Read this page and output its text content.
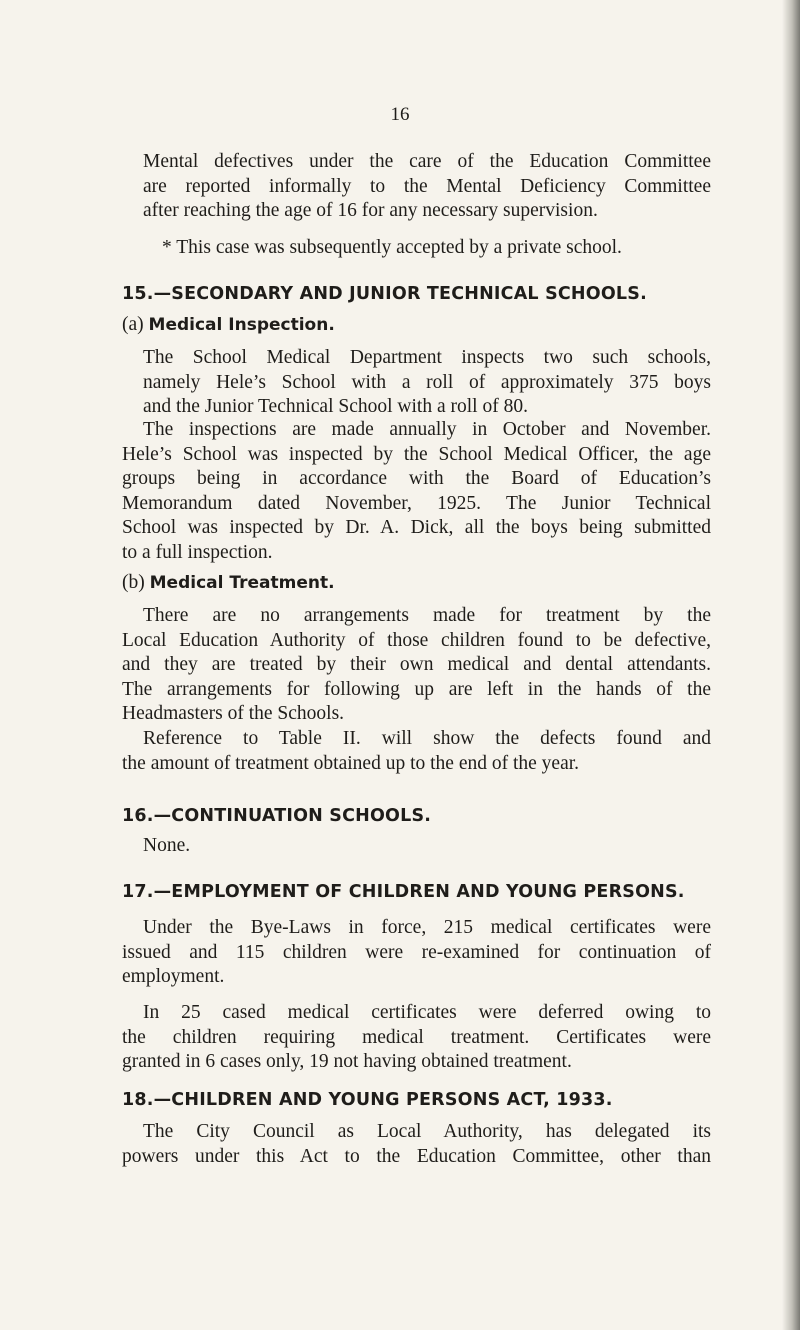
16
Mental defectives under the care of the Education Committee
are reported informally to the Mental Deficiency Committee
after reaching the age of 16 for any necessary supervision.
* This case was subsequently accepted by a private school.
15.—SECONDARY AND JUNIOR TECHNICAL SCHOOLS.
(a) Medical Inspection.
The School Medical Department inspects two such schools,
namely Hele’s School with a roll of approximately 375 boys
and the Junior Technical School with a roll of 80.
The inspections are made annually in October and November.
Hele’s School was inspected by the School Medical Officer, the age
groups being in accordance with the Board of Education’s
Memorandum dated November, 1925. The Junior Technical
School was inspected by Dr. A. Dick, all the boys being submitted
to a full inspection.
(b) Medical Treatment.
There are no arrangements made for treatment by the
Local Education Authority of those children found to be defective,
and they are treated by their own medical and dental attendants.
The arrangements for following up are left in the hands of the
Headmasters of the Schools.
Reference to Table II. will show the defects found and
the amount of treatment obtained up to the end of the year.
16.—CONTINUATION SCHOOLS.
None.
17.—EMPLOYMENT OF CHILDREN AND YOUNG PERSONS.
Under the Bye-Laws in force, 215 medical certificates were
issued and 115 children were re-examined for continuation of
employment.
In 25 cased medical certificates were deferred owing to
the children requiring medical treatment. Certificates were
granted in 6 cases only, 19 not having obtained treatment.
18.—CHILDREN AND YOUNG PERSONS ACT, 1933.
The City Council as Local Authority, has delegated its
powers under this Act to the Education Committee, other than
